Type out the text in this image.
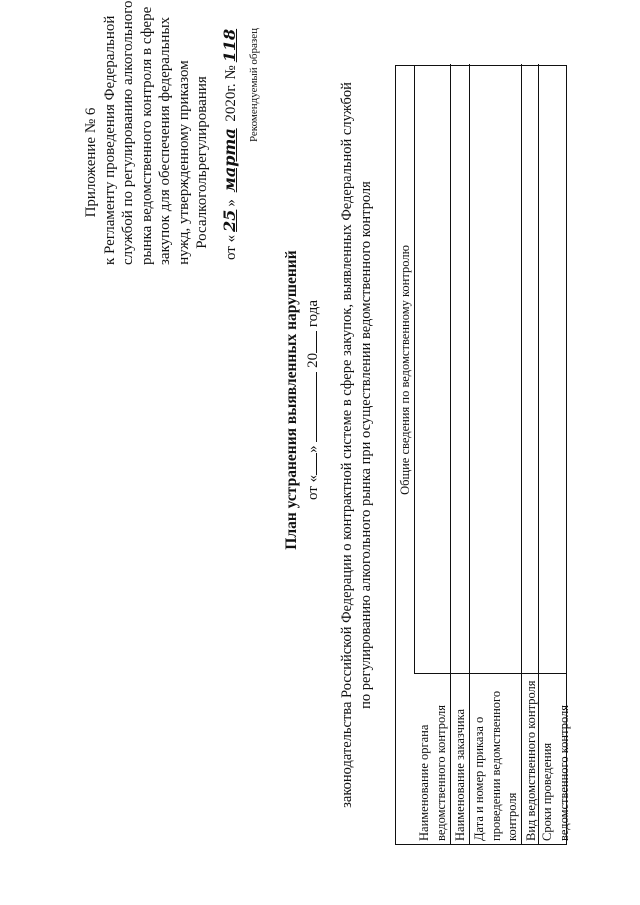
Приложение № 6 к Регламенту проведения Федеральной службой по регулированию алкогольного рынка ведомственного контроля в сфере закупок для обеспечения федеральных нужд, утвержденному приказом Росалкогольрегулирования от «25» марта 2020г. №118 Рекомендуемый образец
План устранения выявленных нарушений от «»  20 года законодательства Российской Федерации о контрактной системе в сфере закупок, выявленных Федеральной службой по регулированию алкогольного рынка при осуществлении ведомственного контроля Общие сведения по ведомственному контролю
Наименование органа ведомственного контроля Наименование заказчика Дата и номер приказа о проведении ведомственного контроля Вид ведомственного контроля Сроки проведения ведомственного контроля
